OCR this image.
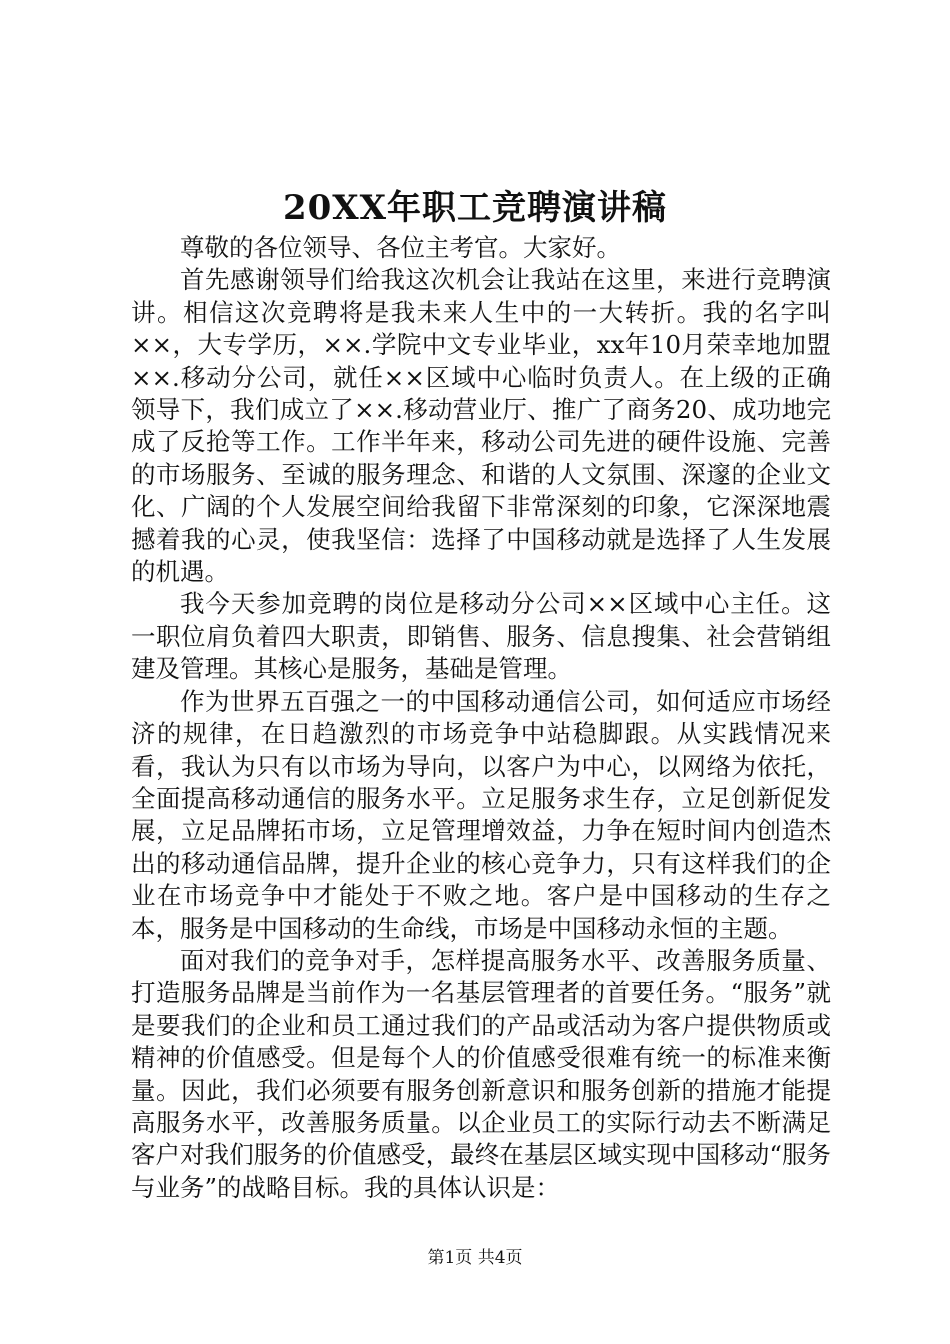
20XX年职工竞聘演讲稿

尊敬的各位领导、各位主考官。大家好。

首先感谢领导们给我这次机会让我站在这里，来进行竞聘演讲。相信这次竞聘将是我未来人生中的一大转折。我的名字叫××，大专学历，××.学院中文专业毕业，xx年10月荣幸地加盟××.移动分公司，就任××区域中心临时负责人。在上级的正确领导下，我们成立了××.移动营业厅、推广了商务20、成功地完成了反抢等工作。工作半年来，移动公司先进的硬件设施、完善的市场服务、至诚的服务理念、和谐的人文氛围、深邃的企业文化、广阔的个人发展空间给我留下非常深刻的印象，它深深地震撼着我的心灵，使我坚信：选择了中国移动就是选择了人生发展的机遇。

我今天参加竞聘的岗位是移动分公司××区域中心主任。这一职位肩负着四大职责，即销售、服务、信息搜集、社会营销组建及管理。其核心是服务，基础是管理。

作为世界五百强之一的中国移动通信公司，如何适应市场经济的规律，在日趋激烈的市场竞争中站稳脚跟。从实践情况来看，我认为只有以市场为导向，以客户为中心，以网络为依托，全面提高移动通信的服务水平。立足服务求生存，立足创新促发展，立足品牌拓市场，立足管理增效益，力争在短时间内创造杰出的移动通信品牌，提升企业的核心竞争力，只有这样我们的企业在市场竞争中才能处于不败之地。客户是中国移动的生存之本，服务是中国移动的生命线，市场是中国移动永恒的主题。

面对我们的竞争对手，怎样提高服务水平、改善服务质量、打造服务品牌是当前作为一名基层管理者的首要任务。“服务”就是要我们的企业和员工通过我们的产品或活动为客户提供物质或精神的价值感受。但是每个人的价值感受很难有统一的标准来衡量。因此，我们必须要有服务创新意识和服务创新的措施才能提高服务水平，改善服务质量。以企业员工的实际行动去不断满足客户对我们服务的价值感受，最终在基层区域实现中国移动“服务与业务”的战略目标。我的具体认识是：

第1页 共4页
